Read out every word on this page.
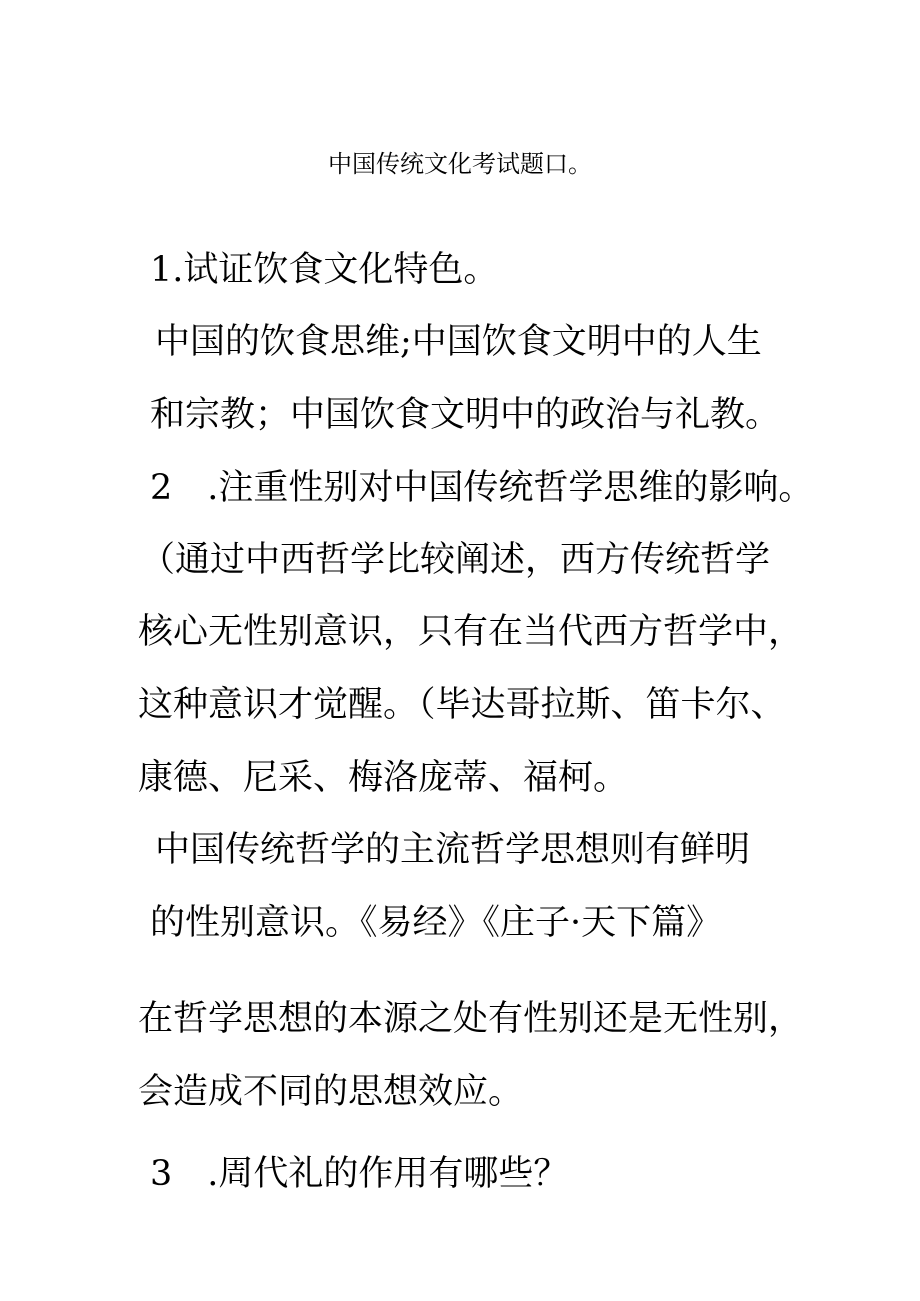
中国传统文化考试题口。
1.试证饮食文化特色。
中国的饮食思维;中国饮食文明中的人生
和宗教；中国饮食文明中的政治与礼教。
2 .注重性别对中国传统哲学思维的影响。
（通过中西哲学比较阐述，西方传统哲学
核心无性别意识，只有在当代西方哲学中，
这种意识才觉醒。（毕达哥拉斯、笛卡尔、
康德、尼采、梅洛庞蒂、福柯。
中国传统哲学的主流哲学思想则有鲜明
的性别意识。《易经》《庄子·天下篇》
在哲学思想的本源之处有性别还是无性别，
会造成不同的思想效应。
3 .周代礼的作用有哪些？
